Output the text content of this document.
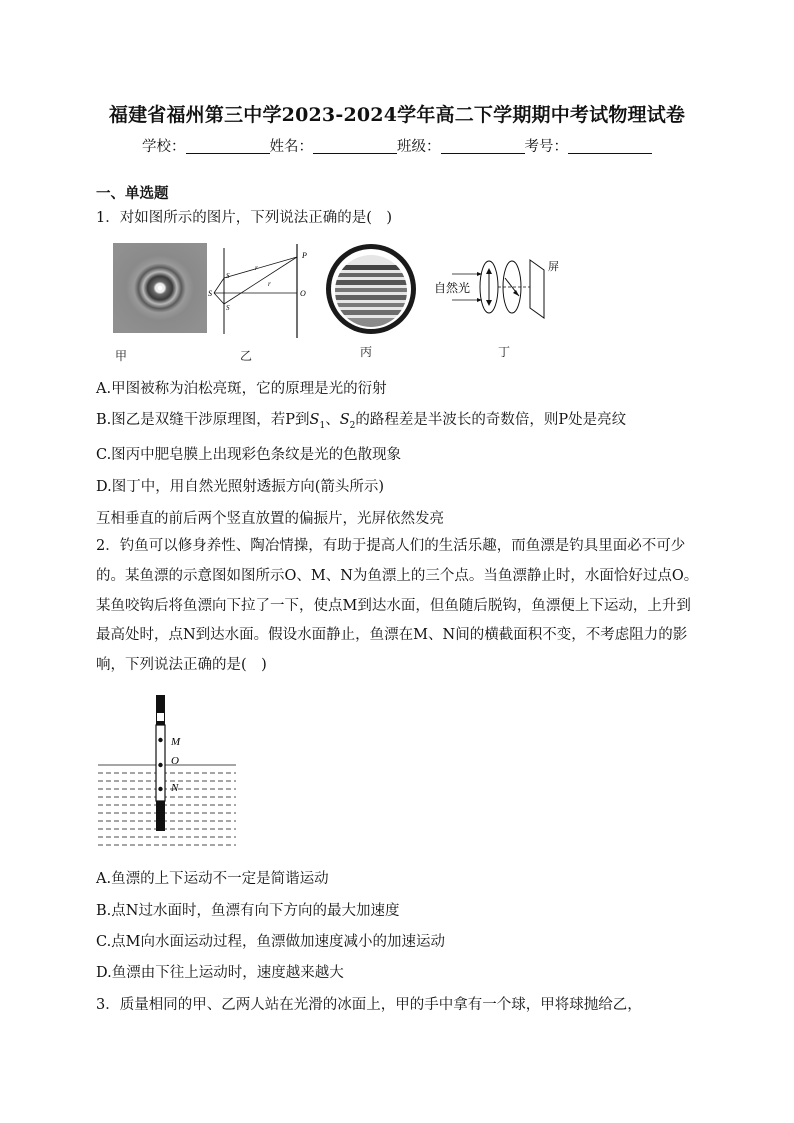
福建省福州第三中学2023-2024学年高二下学期期中考试物理试卷
学校：	姓名：	班级：	考号：
一、单选题
1．对如图所示的图片，下列说法正确的是(　)
S
S
S
r
r
P
O	自然光
屏
甲	乙	丙	丁
A.甲图被称为泊松亮斑，它的原理是光的衍射
B.图乙是双缝干涉原理图，若P到$S_1$、$S_2$的路程差是半波长的奇数倍，则P处是亮纹
C.图丙中肥皂膜上出现彩色条纹是光的色散现象
D.图丁中，用自然光照射透振方向(箭头所示)
互相垂直的前后两个竖直放置的偏振片，光屏依然发亮
2．钓鱼可以修身养性、陶冶情操，有助于提高人们的生活乐趣，而鱼漂是钓具里面必不可少的。某鱼漂的示意图如图所示O、M、N为鱼漂上的三个点。当鱼漂静止时，水面恰好过点O。某鱼咬钩后将鱼漂向下拉了一下，使点M到达水面，但鱼随后脱钩，鱼漂便上下运动，上升到最高处时，点N到达水面。假设水面静止，鱼漂在M、N间的横截面积不变，不考虑阻力的影响，下列说法正确的是(　)
M
O
N
A.鱼漂的上下运动不一定是简谐运动
B.点N过水面时，鱼漂有向下方向的最大加速度
C.点M向水面运动过程，鱼漂做加速度减小的加速运动
D.鱼漂由下往上运动时，速度越来越大
3．质量相同的甲、乙两人站在光滑的冰面上，甲的手中拿有一个球，甲将球抛给乙，
